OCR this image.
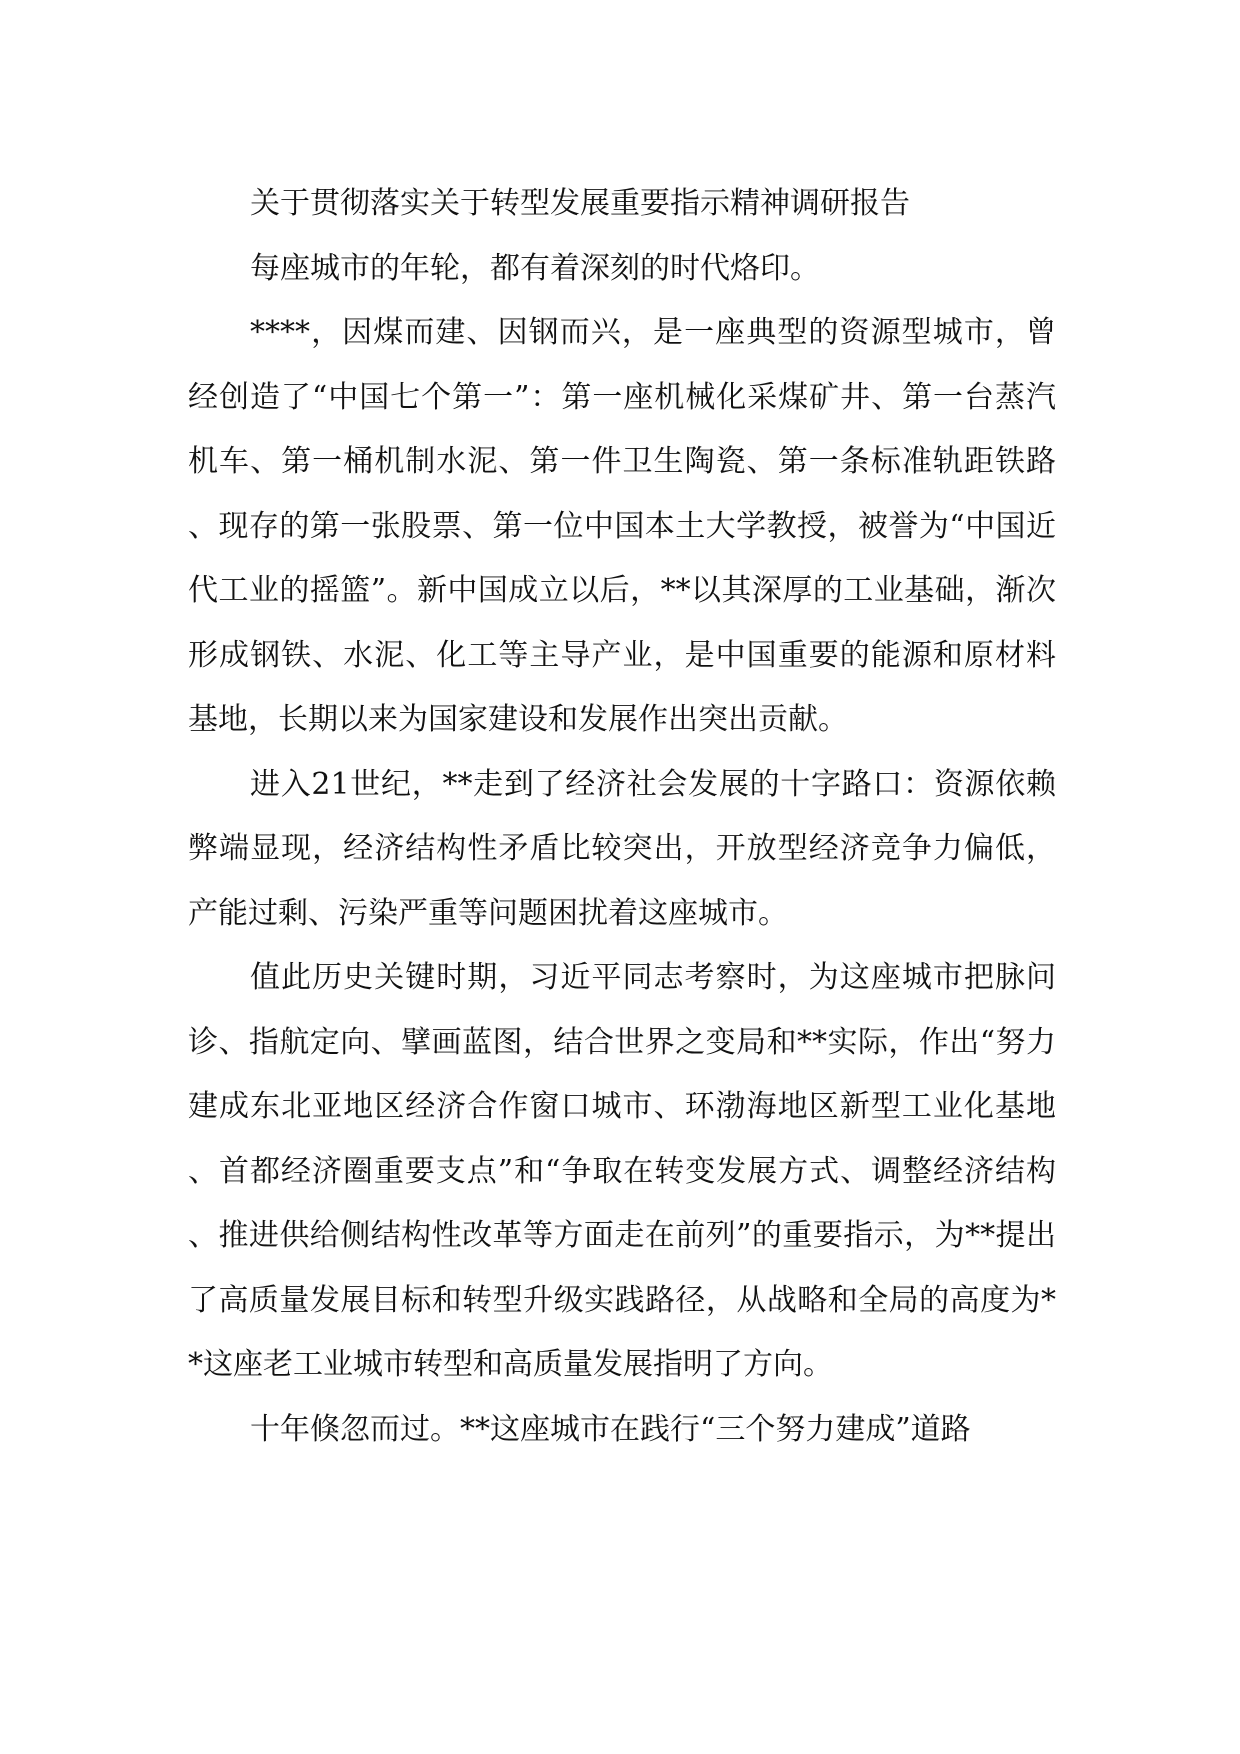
关于贯彻落实关于转型发展重要指示精神调研报告

每座城市的年轮，都有着深刻的时代烙印。

****，因煤而建、因钢而兴，是一座典型的资源型城市，曾经创造了“中国七个第一”：第一座机械化采煤矿井、第一台蒸汽机车、第一桶机制水泥、第一件卫生陶瓷、第一条标准轨距铁路、现存的第一张股票、第一位中国本土大学教授，被誉为“中国近代工业的摇篮”。新中国成立以后，**以其深厚的工业基础，渐次形成钢铁、水泥、化工等主导产业，是中国重要的能源和原材料基地，长期以来为国家建设和发展作出突出贡献。

进入21世纪，**走到了经济社会发展的十字路口：资源依赖弊端显现，经济结构性矛盾比较突出，开放型经济竞争力偏低，产能过剩、污染严重等问题困扰着这座城市。

值此历史关键时期，习近平同志考察时，为这座城市把脉问诊、指航定向、擘画蓝图，结合世界之变局和**实际，作出“努力建成东北亚地区经济合作窗口城市、环渤海地区新型工业化基地、首都经济圈重要支点”和“争取在转变发展方式、调整经济结构、推进供给侧结构性改革等方面走在前列”的重要指示，为**提出了高质量发展目标和转型升级实践路径，从战略和全局的高度为**这座老工业城市转型和高质量发展指明了方向。

十年倏忽而过。**这座城市在践行“三个努力建成”道路
